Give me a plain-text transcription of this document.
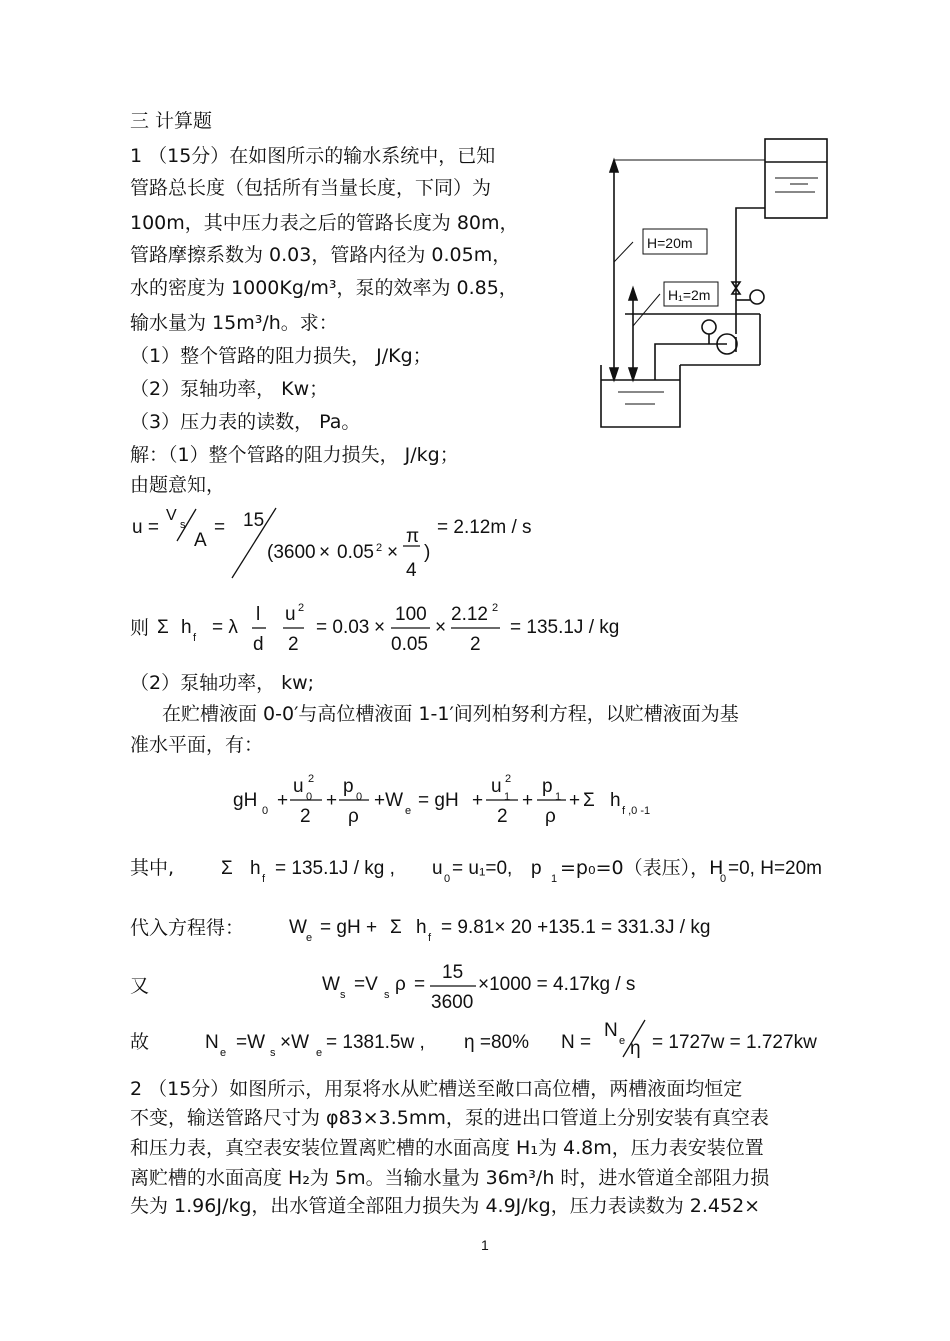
H=20m
H₁=2m
三 计算题
1 （15分）在如图所示的输水系统中，已知
管路总长度（包括所有当量长度，下同）为
100m，其中压力表之后的管路长度为 80m，
管路摩擦系数为 0.03，管路内径为 0.05m，
水的密度为 1000Kg/m³，泵的效率为 0.85，
输水量为 15m³/h。求：
（1）整个管路的阻力损失， J/Kg；
（2）泵轴功率， Kw；
（3）压力表的读数， Pa。
解：（1）整个管路的阻力损失， J/kg；
由题意知，
u =
V
s
A
= 15
(3600 × 0.05 2 ×
π
4
)
= 2.12m / s
则 Σ h f = λ
l
d
u 2
2
= 0.03 ×
100
0.05
×
2.12 2
2
= 135.1J / kg
（2）泵轴功率， kw;
在贮槽液面 0-0′与高位槽液面 1-1′间列柏努利方程，以贮槽液面为基
准水平面，有：
gH 0 +
u 0
2
2
+
p 0
ρ
+W e = gH +
u 1
2
2
+
p 1
ρ
+ Σ h f ,0 -1
其中, Σ h f = 135.1J / kg , u 0 = u₁=0, p 1 =p₀=0（表压），H
0 =0, H=20m
代入方程得： W e = gH + Σ h f = 9.81× 20 +135.1 = 331.3J / kg
又	W s =V s ρ =
15
3600
×1000 = 4.17kg / s
故	N e =W s ×W e = 1381.5w , η =80% N =
N e η = 1727w = 1.727kw
2 （15分）如图所示，用泵将水从贮槽送至敞口高位槽，两槽液面均恒定
不变，输送管路尺寸为 φ83×3.5mm，泵的进出口管道上分别安装有真空表
和压力表，真空表安装位置离贮槽的水面高度 H₁为 4.8m，压力表安装位置
离贮槽的水面高度 H₂为 5m。当输水量为 36m³/h 时，进水管道全部阻力损
失为 1.96J/kg，出水管道全部阻力损失为 4.9J/kg，压力表读数为 2.452×
1
